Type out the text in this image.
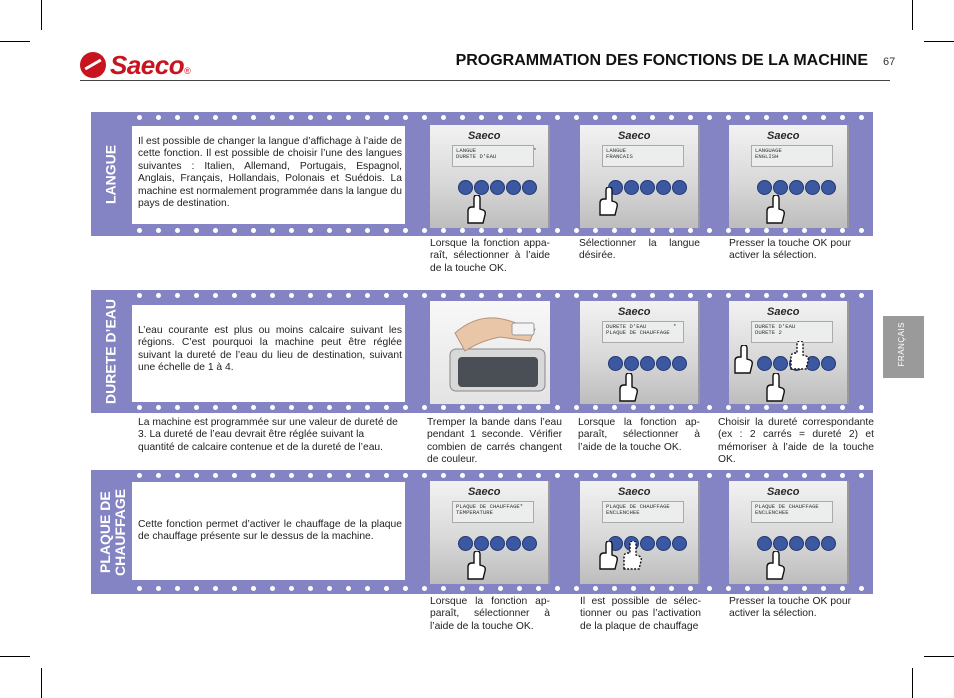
Saeco ®
PROGRAMMATION DES FONCTIONS DE LA MACHINE 67
FRANÇAIS
LANGUE
Il est possible de changer la langue d’affichage à l’aide de cette fonction. Il est possible de choisir l’une des langues suivantes : Italien, Allemand, Portugais, Espagnol, Anglais, Français, Hollandais, Polonais et Suédois. La machine est normalement programmée dans la langue du pays de destination.
Saeco
LANGUE                 *
DURETE D’EAU
Lorsque la fonction appa-raît, sélectionner à l’aide de la touche OK.
Saeco
LANGUE
FRANCAIS
Sélectionner la langue désirée.
Saeco
LANGUAGE
ENGLISH
Presser la touche OK pour activer la sélection.
DURETE D’EAU	L’eau courante est plus ou moins calcaire suivant les régions. C’est pourquoi la machine peut être réglée suivant la dureté de l’eau du lieu de destination, suivant une échelle de 1 à 4.
La machine est programmée sur une valeur de dureté de 3. La dureté de l’eau devrait être réglée suivant la quantité de calcaire contenue et de la dureté de l’eau.
Tremper la bande dans l’eau pendant 1 seconde. Vérifier combien de carrés changent de couleur.
Saeco
DURETE D’EAU        *
PLAQUE DE CHAUFFAGE
Lorsque la fonction ap-paraît, sélectionner à l’aide de la touche OK.
Saeco
DURETE D’EAU
DURETE 2
Choisir la dureté correspondante (ex : 2 carrés = dureté 2) et mémoriser à l’aide de la touche OK.
PLAQUE DE CHAUFFAGE Cette fonction permet d’activer le chauffage de la plaque de chauffage présente sur le dessus de la machine.
Saeco
PLAQUE DE CHAUFFAGE*
TEMPERATURE
Lorsque la fonction ap-paraît, sélectionner à l’aide de la touche OK.
Saeco
PLAQUE DE CHAUFFAGE
ENCLENCHEE
Il est possible de sélec-tionner ou pas l’activation de la plaque de chauffage
Saeco
PLAQUE DE CHAUFFAGE
ENCLENCHEE
Presser la touche OK pour activer la sélection.
